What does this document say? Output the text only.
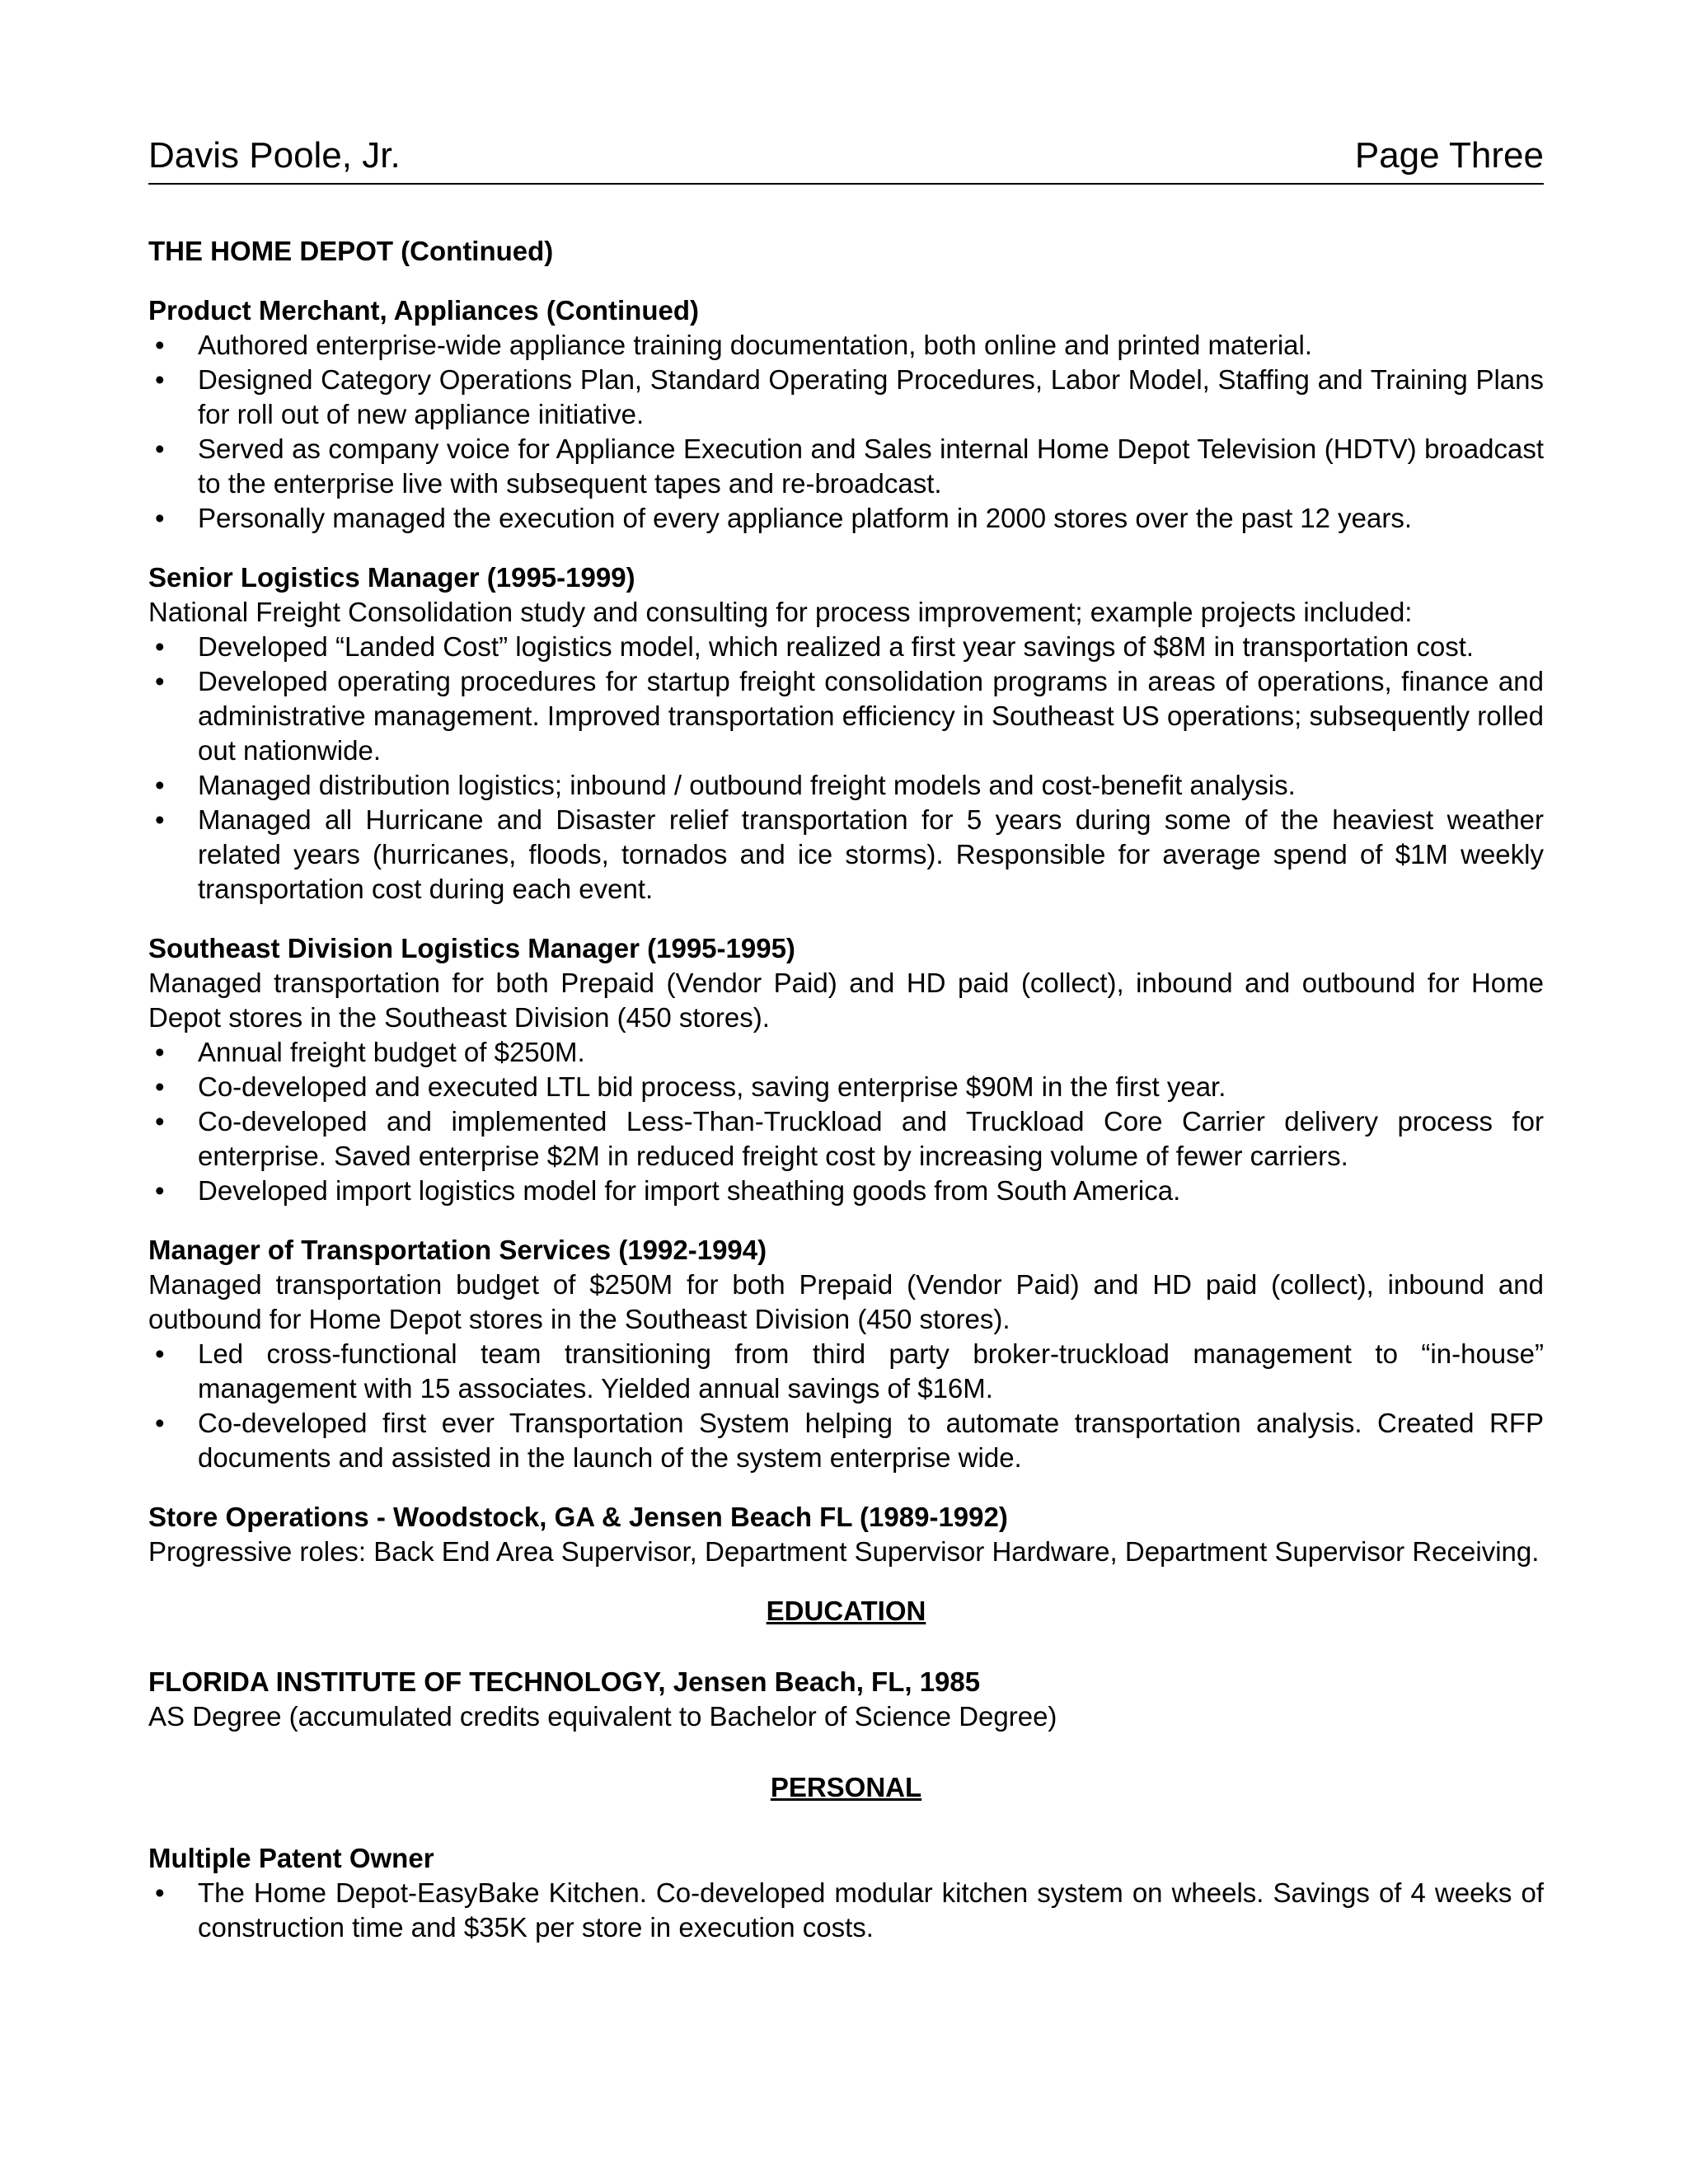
Davis Poole, Jr.	Page Three
THE HOME DEPOT (Continued)
Product Merchant, Appliances (Continued)
• Authored enterprise-wide appliance training documentation, both online and printed material.
• Designed Category Operations Plan, Standard Operating Procedures, Labor Model, Staffing and Training Plans for roll out of new appliance initiative.
• Served as company voice for Appliance Execution and Sales internal Home Depot Television (HDTV) broadcast to the enterprise live with subsequent tapes and re-broadcast.
• Personally managed the execution of every appliance platform in 2000 stores over the past 12 years.
Senior Logistics Manager (1995-1999)

National Freight Consolidation study and consulting for process improvement; example projects included:

• Developed “Landed Cost” logistics model, which realized a first year savings of $8M in transportation cost.
• Developed operating procedures for startup freight consolidation programs in areas of operations, finance and administrative management. Improved transportation efficiency in Southeast US operations; subsequently rolled out nationwide.
• Managed distribution logistics; inbound / outbound freight models and cost-benefit analysis.
• Managed all Hurricane and Disaster relief transportation for 5 years during some of the heaviest weather related years (hurricanes, floods, tornados and ice storms). Responsible for average spend of $1M weekly transportation cost during each event.
Southeast Division Logistics Manager (1995-1995)

Managed transportation for both Prepaid (Vendor Paid) and HD paid (collect), inbound and outbound for Home Depot stores in the Southeast Division (450 stores).

• Annual freight budget of $250M.
• Co-developed and executed LTL bid process, saving enterprise $90M in the first year.
• Co-developed and implemented Less-Than-Truckload and Truckload Core Carrier delivery process for enterprise. Saved enterprise $2M in reduced freight cost by increasing volume of fewer carriers.
• Developed import logistics model for import sheathing goods from South America.
Manager of Transportation Services (1992-1994)

Managed transportation budget of $250M for both Prepaid (Vendor Paid) and HD paid (collect), inbound and outbound for Home Depot stores in the Southeast Division (450 stores).

• Led cross-functional team transitioning from third party broker-truckload management to “in-house” management with 15 associates. Yielded annual savings of $16M.
• Co-developed first ever Transportation System helping to automate transportation analysis. Created RFP documents and assisted in the launch of the system enterprise wide.
Store Operations - Woodstock, GA & Jensen Beach FL (1989-1992)

Progressive roles: Back End Area Supervisor, Department Supervisor Hardware, Department Supervisor Receiving.

EDUCATION
FLORIDA INSTITUTE OF TECHNOLOGY, Jensen Beach, FL, 1985

AS Degree (accumulated credits equivalent to Bachelor of Science Degree)

PERSONAL
Multiple Patent Owner
• The Home Depot-EasyBake Kitchen. Co-developed modular kitchen system on wheels. Savings of 4 weeks of construction time and $35K per store in execution costs.
